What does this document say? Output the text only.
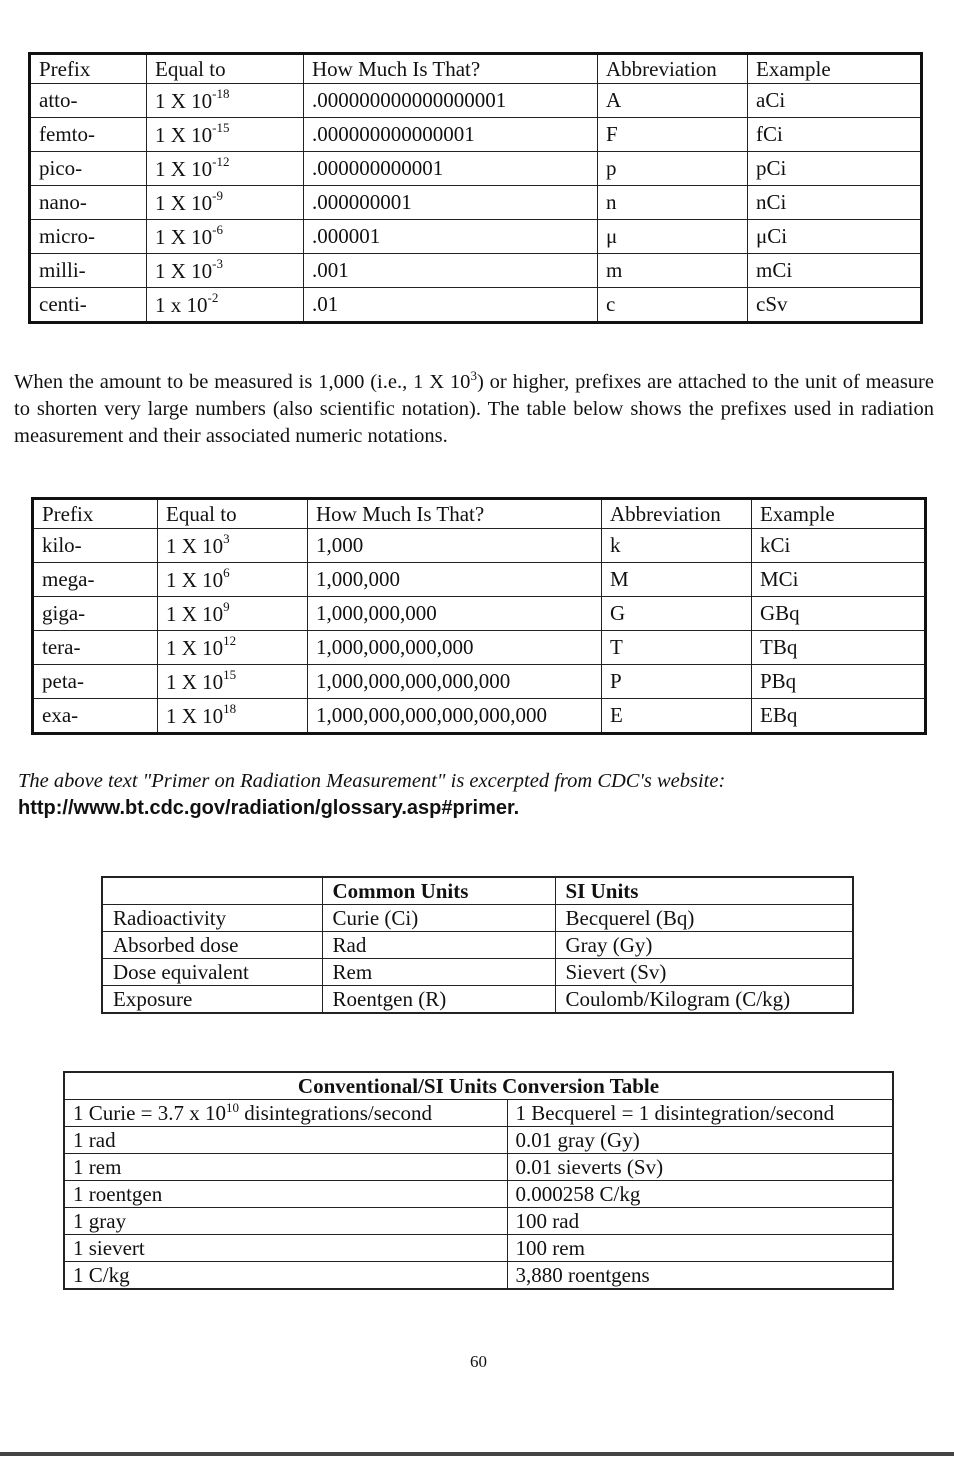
Prefix	Equal to	How Much Is That?	Abbreviation	Example
atto-	1 X $10^{-18}$	.000000000000000001	A	aCi
femto-	1 X $10^{-15}$	.000000000000001	F	fCi
pico-	1 X $10^{-12}$	.000000000001	p	pCi
nano-	1 X $10^{-9}$	.000000001	n	nCi
micro-	1 X $10^{-6}$	.000001	μ	μCi
milli-	1 X $10^{-3}$	.001	m	mCi
centi-	1 x $10^{-2}$	.01	c	cSv

When the amount to be measured is 1,000 (i.e., 1 X $10^3$) or higher, prefixes are attached to the unit of measure to shorten very large numbers (also scientific notation). The table below shows the prefixes used in radiation measurement and their associated numeric notations.

Prefix	Equal to	How Much Is That?	Abbreviation	Example
kilo-	1 X $10^3$	1,000	k	kCi
mega-	1 X $10^6$	1,000,000	M	MCi
giga-	1 X $10^9$	1,000,000,000	G	GBq
tera-	1 X $10^{12}$	1,000,000,000,000	T	TBq
peta-	1 X $10^{15}$	1,000,000,000,000,000	P	PBq
exa-	1 X $10^{18}$	1,000,000,000,000,000,000	E	EBq

The above text "Primer on Radiation Measurement" is excerpted from CDC's website:
http://www.bt.cdc.gov/radiation/glossary.asp#primer.

	Common Units	SI Units
Radioactivity	Curie (Ci)	Becquerel (Bq)
Absorbed dose	Rad	Gray (Gy)
Dose equivalent	Rem	Sievert (Sv)
Exposure	Roentgen (R)	Coulomb/Kilogram (C/kg)
Conventional/SI Units Conversion Table	
1 Curie = 3.7 x $10^{10}$ disintegrations/second	1 Becquerel = 1 disintegration/second
1 rad	0.01 gray (Gy)
1 rem	0.01 sieverts (Sv)
1 roentgen	0.000258 C/kg
1 gray	100 rad
1 sievert	100 rem
1 C/kg	3,880 roentgens
60
